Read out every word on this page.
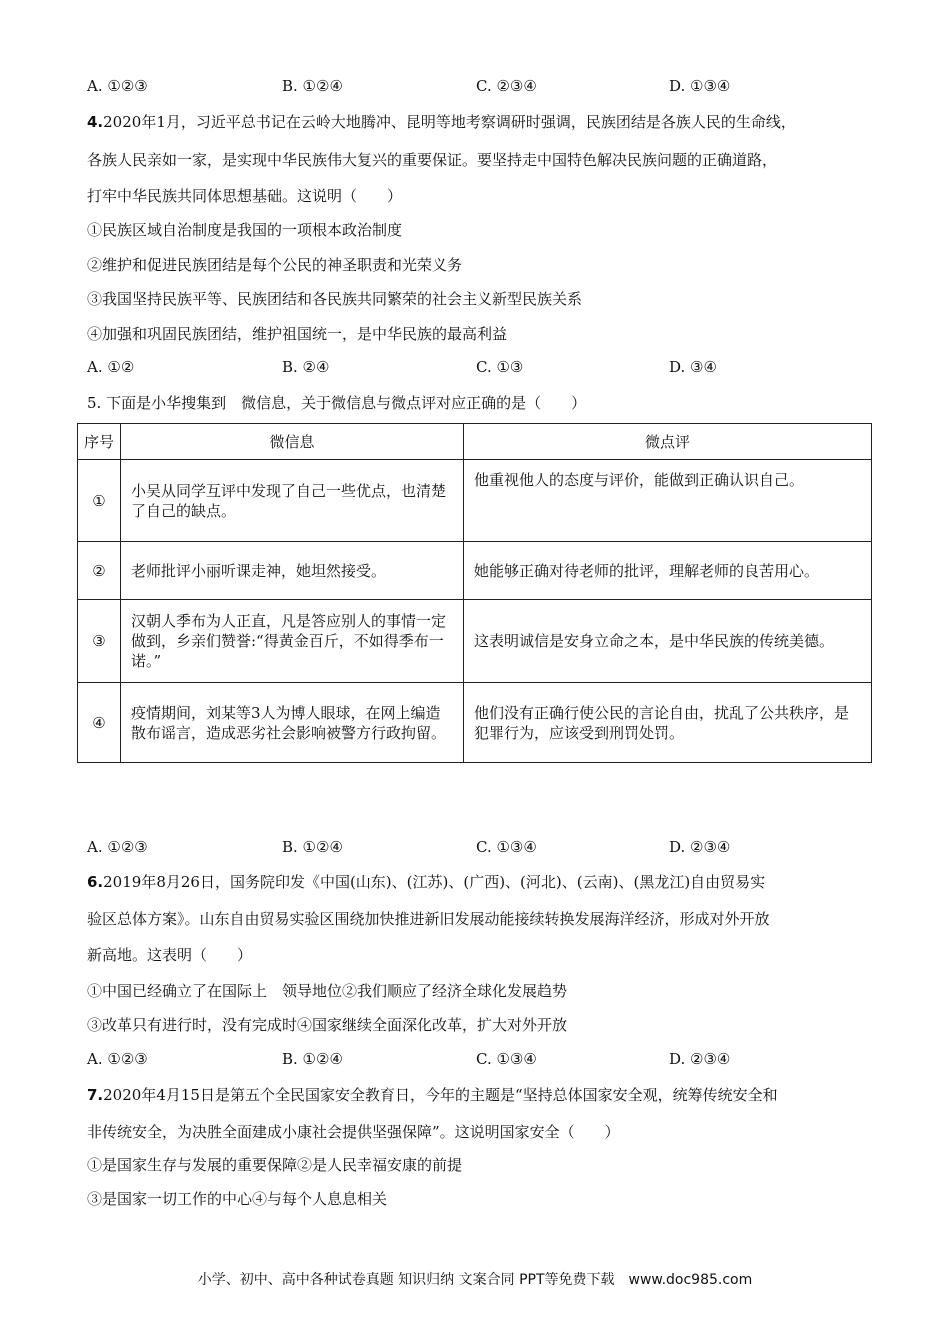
A. ①②③	B. ①②④	C. ②③④	D. ①③④
4.2020年1月，习近平总书记在云岭大地腾冲、昆明等地考察调研时强调，民族团结是各族人民的生命线，
各族人民亲如一家，是实现中华民族伟大复兴的重要保证。要坚持走中国特色解决民族问题的正确道路，
打牢中华民族共同体思想基础。这说明（　　）
①民族区域自治制度是我国的一项根本政治制度
②维护和促进民族团结是每个公民的神圣职责和光荣义务
③我国坚持民族平等、民族团结和各民族共同繁荣的社会主义新型民族关系
④加强和巩固民族团结，维护祖国统一，是中华民族的最高利益
A. ①②	B. ②④	C. ①③	D. ③④
5. 下面是小华搜集到　微信息，关于微信息与微点评对应正确的是（　　）
序号	微信息	微点评
①	小吴从同学互评中发现了自己一些优点，也清楚了自己的缺点。	他重视他人的态度与评价，能做到正确认识自己。
②	老师批评小丽听课走神，她坦然接受。	她能够正确对待老师的批评，理解老师的良苦用心。
③	汉朝人季布为人正直，凡是答应别人的事情一定做到，乡亲们赞誉:“得黄金百斤，不如得季布一诺。”	这表明诚信是安身立命之本，是中华民族的传统美德。
④	疫情期间，刘某等3人为博人眼球，在网上编造散布谣言，造成恶劣社会影响被警方行政拘留。	他们没有正确行使公民的言论自由，扰乱了公共秩序，是犯罪行为，应该受到刑罚处罚。
A. ①②③	B. ①②④	C. ①③④	D. ②③④
6.2019年8月26日，国务院印发《中国(山东)、(江苏)、(广西)、(河北)、(云南)、(黑龙江)自由贸易实
验区总体方案》。山东自由贸易实验区围绕加快推进新旧发展动能接续转换发展海洋经济，形成对外开放
新高地。这表明（　　）
①中国已经确立了在国际上　领导地位②我们顺应了经济全球化发展趋势
③改革只有进行时，没有完成时④国家继续全面深化改革，扩大对外开放
A. ①②③	B. ①②④	C. ①③④	D. ②③④
7.2020年4月15日是第五个全民国家安全教育日，今年的主题是“坚持总体国家安全观，统筹传统安全和
非传统安全，为决胜全面建成小康社会提供坚强保障”。这说明国家安全（　　）
①是国家生存与发展的重要保障②是人民幸福安康的前提
③是国家一切工作的中心④与每个人息息相关
小学、初中、高中各种试卷真题 知识归纳 文案合同 PPT等免费下载　www.doc985.com
